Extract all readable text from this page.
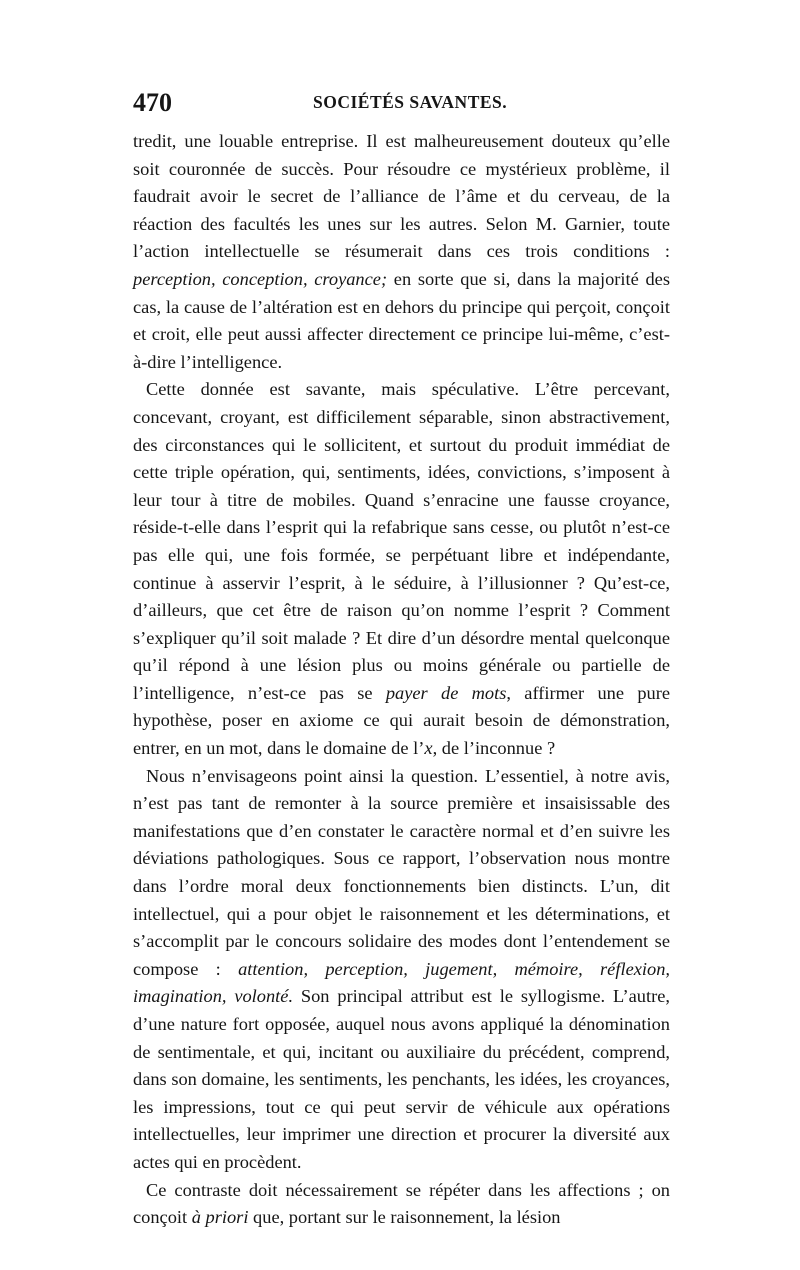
470	SOCIÉTÉS SAVANTES.

tredit, une louable entreprise. Il est malheureusement douteux qu’elle soit couronnée de succès. Pour résoudre ce mystérieux problème, il faudrait avoir le secret de l’alliance de l’âme et du cerveau, de la réaction des facultés les unes sur les autres. Selon M. Garnier, toute l’action intellectuelle se résumerait dans ces trois conditions : perception, conception, croyance; en sorte que si, dans la majorité des cas, la cause de l’altération est en dehors du principe qui perçoit, conçoit et croit, elle peut aussi affecter directement ce principe lui-même, c’est-à-dire l’intelligence.

Cette donnée est savante, mais spéculative. L’être percevant, concevant, croyant, est difficilement séparable, sinon abstractivement, des circonstances qui le sollicitent, et surtout du produit immédiat de cette triple opération, qui, sentiments, idées, convictions, s’imposent à leur tour à titre de mobiles. Quand s’enracine une fausse croyance, réside-t-elle dans l’esprit qui la refabrique sans cesse, ou plutôt n’est-ce pas elle qui, une fois formée, se perpétuant libre et indépendante, continue à asservir l’esprit, à le séduire, à l’illusionner ? Qu’est-ce, d’ailleurs, que cet être de raison qu’on nomme l’esprit ? Comment s’expliquer qu’il soit malade ? Et dire d’un désordre mental quelconque qu’il répond à une lésion plus ou moins générale ou partielle de l’intelligence, n’est-ce pas se payer de mots, affirmer une pure hypothèse, poser en axiome ce qui aurait besoin de démonstration, entrer, en un mot, dans le domaine de l’x, de l’inconnue ?

Nous n’envisageons point ainsi la question. L’essentiel, à notre avis, n’est pas tant de remonter à la source première et insaisissable des manifestations que d’en constater le caractère normal et d’en suivre les déviations pathologiques. Sous ce rapport, l’observation nous montre dans l’ordre moral deux fonctionnements bien distincts. L’un, dit intellectuel, qui a pour objet le raisonnement et les déterminations, et s’accomplit par le concours solidaire des modes dont l’entendement se compose : attention, perception, jugement, mémoire, réflexion, imagination, volonté. Son principal attribut est le syllogisme. L’autre, d’une nature fort opposée, auquel nous avons appliqué la dénomination de sentimentale, et qui, incitant ou auxiliaire du précédent, comprend, dans son domaine, les sentiments, les penchants, les idées, les croyances, les impressions, tout ce qui peut servir de véhicule aux opérations intellectuelles, leur imprimer une direction et procurer la diversité aux actes qui en procèdent.

Ce contraste doit nécessairement se répéter dans les affections ; on conçoit à priori que, portant sur le raisonnement, la lésion
